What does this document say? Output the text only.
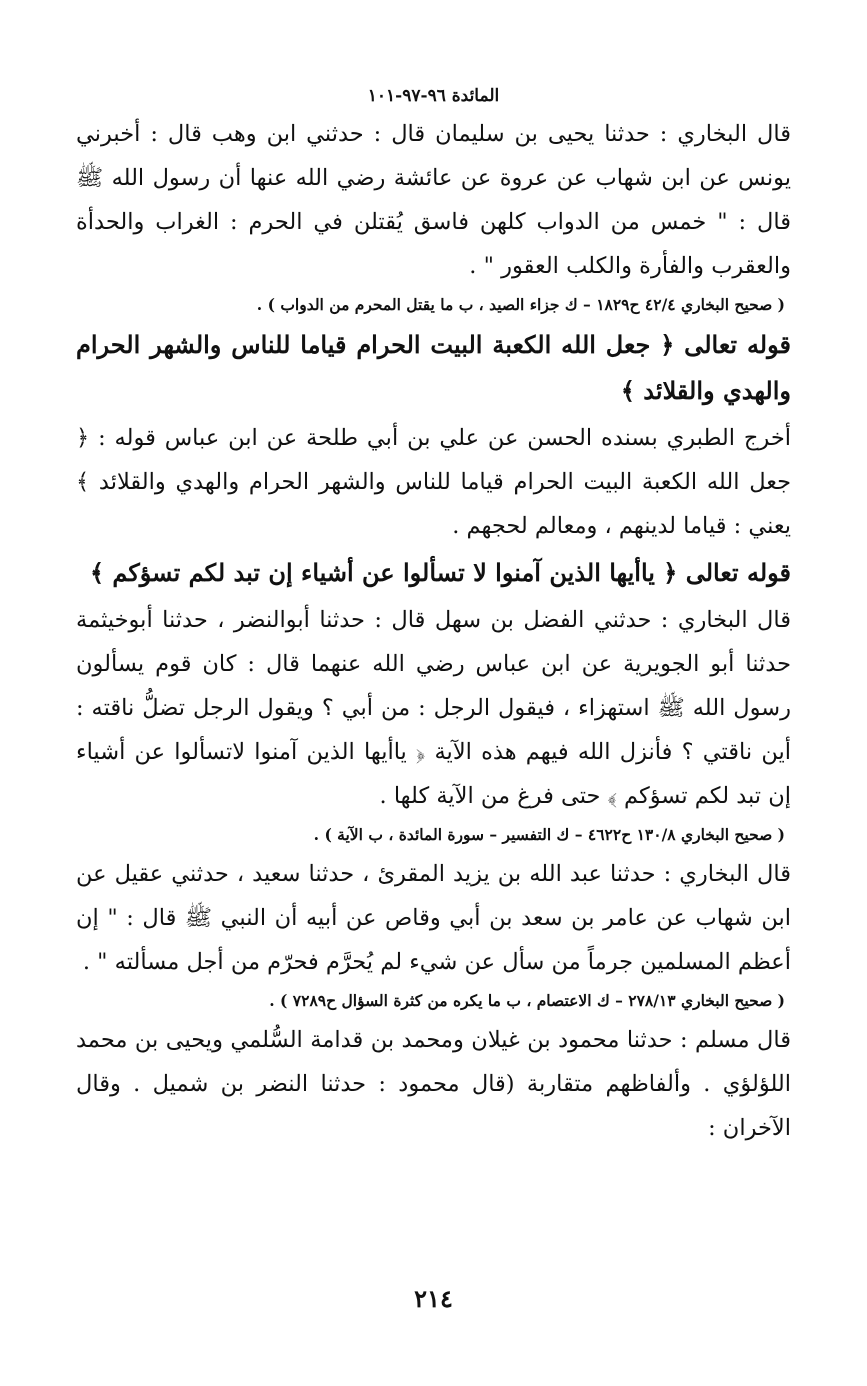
المائدة ٩٦-٩٧-١٠١

قال البخاري : حدثنا يحيى بن سليمان قال : حدثني ابن وهب قال : أخبرني يونس عن ابن شهاب عن عروة عن عائشة رضي الله عنها أن رسول الله ﷺ قال : " خمس من الدواب كلهن فاسق يُقتلن في الحرم : الغراب والحدأة والعقرب والفأرة والكلب العقور " .

( صحيح البخاري ٤٢/٤ ح١٨٢٩ – ك جزاء الصيد ، ب ما يقتل المحرم من الدواب ) .

قوله تعالى ﴿ جعل الله الكعبة البيت الحرام قياما للناس والشهر الحرام والهدي والقلائد ﴾

أخرج الطبري بسنده الحسن عن علي بن أبي طلحة عن ابن عباس قوله : ﴿ جعل الله الكعبة البيت الحرام قياما للناس والشهر الحرام والهدي والقلائد ﴾ يعني : قياما لدينهم ، ومعالم لحجهم .

قوله تعالى ﴿ ياأيها الذين آمنوا لا تسألوا عن أشياء إن تبد لكم تسؤكم ﴾

قال البخاري : حدثني الفضل بن سهل قال : حدثنا أبوالنضر ، حدثنا أبوخيثمة حدثنا أبو الجويرية عن ابن عباس رضي الله عنهما قال : كان قوم يسألون رسول الله ﷺ استهزاء ، فيقول الرجل : من أبي ؟ ويقول الرجل تضلُّ ناقته : أين ناقتي ؟ فأنزل الله فيهم هذه الآية ﴿ ياأيها الذين آمنوا لاتسألوا عن أشياء إن تبد لكم تسؤكم ﴾ حتى فرغ من الآية كلها .

( صحيح البخاري ١٣٠/٨ ح٤٦٢٢ – ك التفسير – سورة المائدة ، ب الآية ) .

قال البخاري : حدثنا عبد الله بن يزيد المقرئ ، حدثنا سعيد ، حدثني عقيل عن ابن شهاب عن عامر بن سعد بن أبي وقاص عن أبيه أن النبي ﷺ قال : " إن أعظم المسلمين جرماً من سأل عن شيء لم يُحرَّم فحرّم من أجل مسألته " .

( صحيح البخاري ٢٧٨/١٣ – ك الاعتصام ، ب ما يكره من كثرة السؤال ح٧٢٨٩ ) .

قال مسلم : حدثنا محمود بن غيلان ومحمد بن قدامة السُّلمي ويحيى بن محمد اللؤلؤي . وألفاظهم متقاربة (قال محمود : حدثنا النضر بن شميل . وقال الآخران :

٢١٤
